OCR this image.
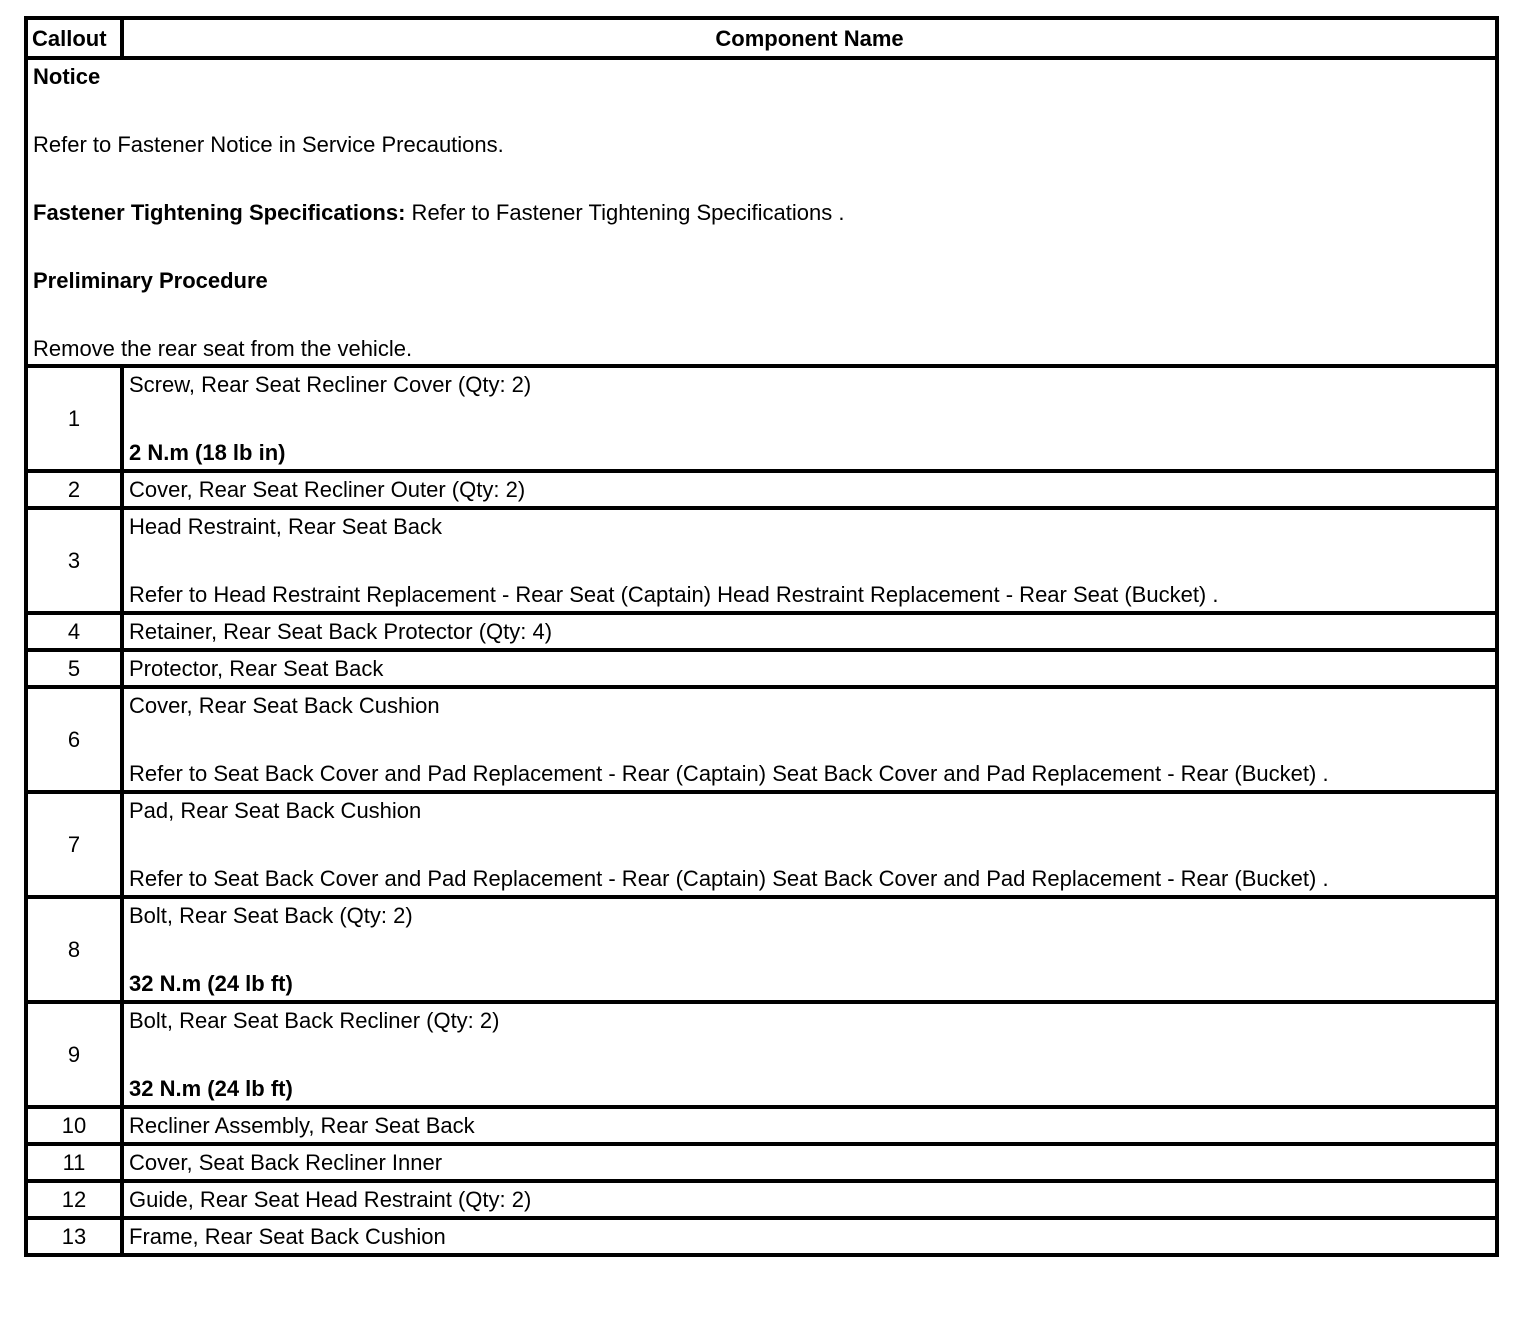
Callout	Component Name

Notice

Refer to Fastener Notice in Service Precautions.

Fastener Tightening Specifications: Refer to Fastener Tightening Specifications .

Preliminary Procedure

Remove the rear seat from the vehicle.	

1	Screw, Rear Seat Recliner Cover (Qty: 2)
2 N.m (18 lb in)

2	Cover, Rear Seat Recliner Outer (Qty: 2)

3	Head Restraint, Rear Seat Back
Refer to Head Restraint Replacement - Rear Seat (Captain) Head Restraint Replacement - Rear Seat (Bucket) .

4	Retainer, Rear Seat Back Protector (Qty: 4)

5	Protector, Rear Seat Back

6	Cover, Rear Seat Back Cushion
Refer to Seat Back Cover and Pad Replacement - Rear (Captain) Seat Back Cover and Pad Replacement - Rear (Bucket) .

7	Pad, Rear Seat Back Cushion
Refer to Seat Back Cover and Pad Replacement - Rear (Captain) Seat Back Cover and Pad Replacement - Rear (Bucket) .

8	Bolt, Rear Seat Back (Qty: 2)
32 N.m (24 lb ft)

9	Bolt, Rear Seat Back Recliner (Qty: 2)
32 N.m (24 lb ft)

10	Recliner Assembly, Rear Seat Back

11	Cover, Seat Back Recliner Inner

12	Guide, Rear Seat Head Restraint (Qty: 2)

13	Frame, Rear Seat Back Cushion
